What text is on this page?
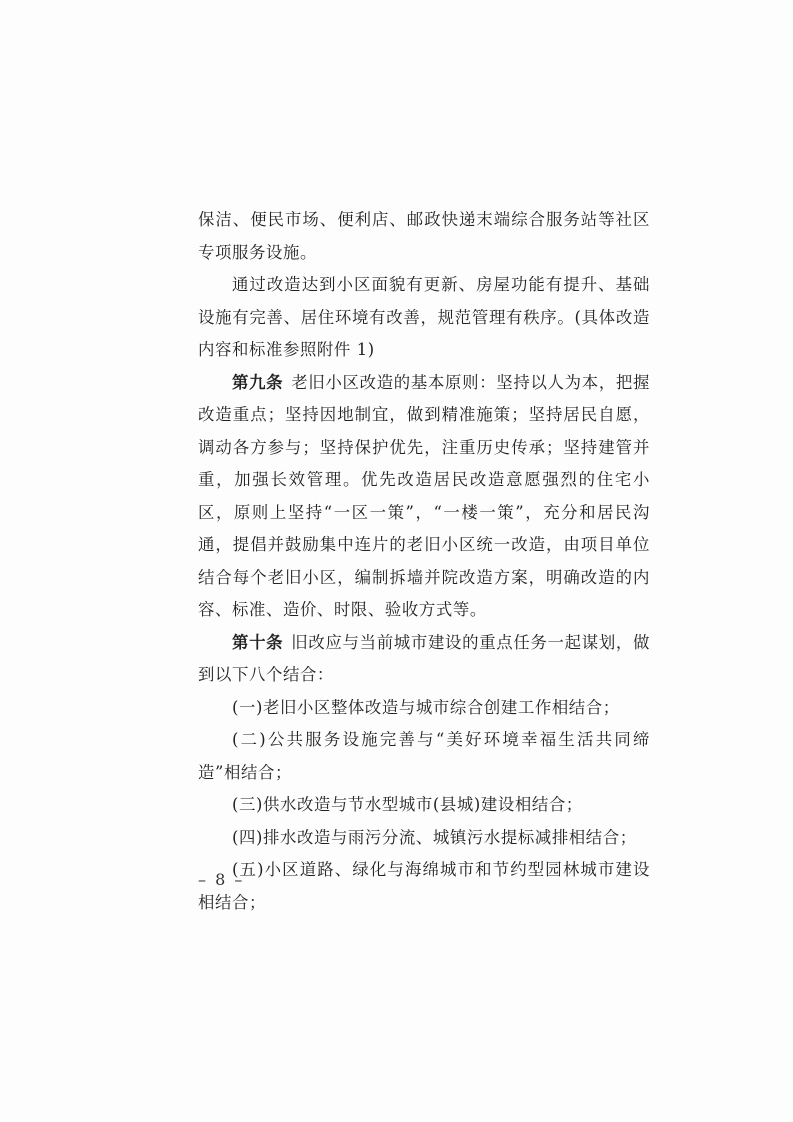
保洁、便民市场、便利店、邮政快递末端综合服务站等社区专项服务设施。

通过改造达到小区面貌有更新、房屋功能有提升、基础设施有完善、居住环境有改善，规范管理有秩序。(具体改造内容和标准参照附件 1)

第九条 老旧小区改造的基本原则：坚持以人为本，把握改造重点；坚持因地制宜，做到精准施策；坚持居民自愿，调动各方参与；坚持保护优先，注重历史传承；坚持建管并重，加强长效管理。优先改造居民改造意愿强烈的住宅小区，原则上坚持“一区一策”，“一楼一策”，充分和居民沟通，提倡并鼓励集中连片的老旧小区统一改造，由项目单位结合每个老旧小区，编制拆墙并院改造方案，明确改造的内容、标准、造价、时限、验收方式等。

第十条 旧改应与当前城市建设的重点任务一起谋划，做到以下八个结合：

(一)老旧小区整体改造与城市综合创建工作相结合；

(二)公共服务设施完善与“美好环境幸福生活共同缔造”相结合；

(三)供水改造与节水型城市(县城)建设相结合；

(四)排水改造与雨污分流、城镇污水提标减排相结合；

(五)小区道路、绿化与海绵城市和节约型园林城市建设相结合；

– 8 –
